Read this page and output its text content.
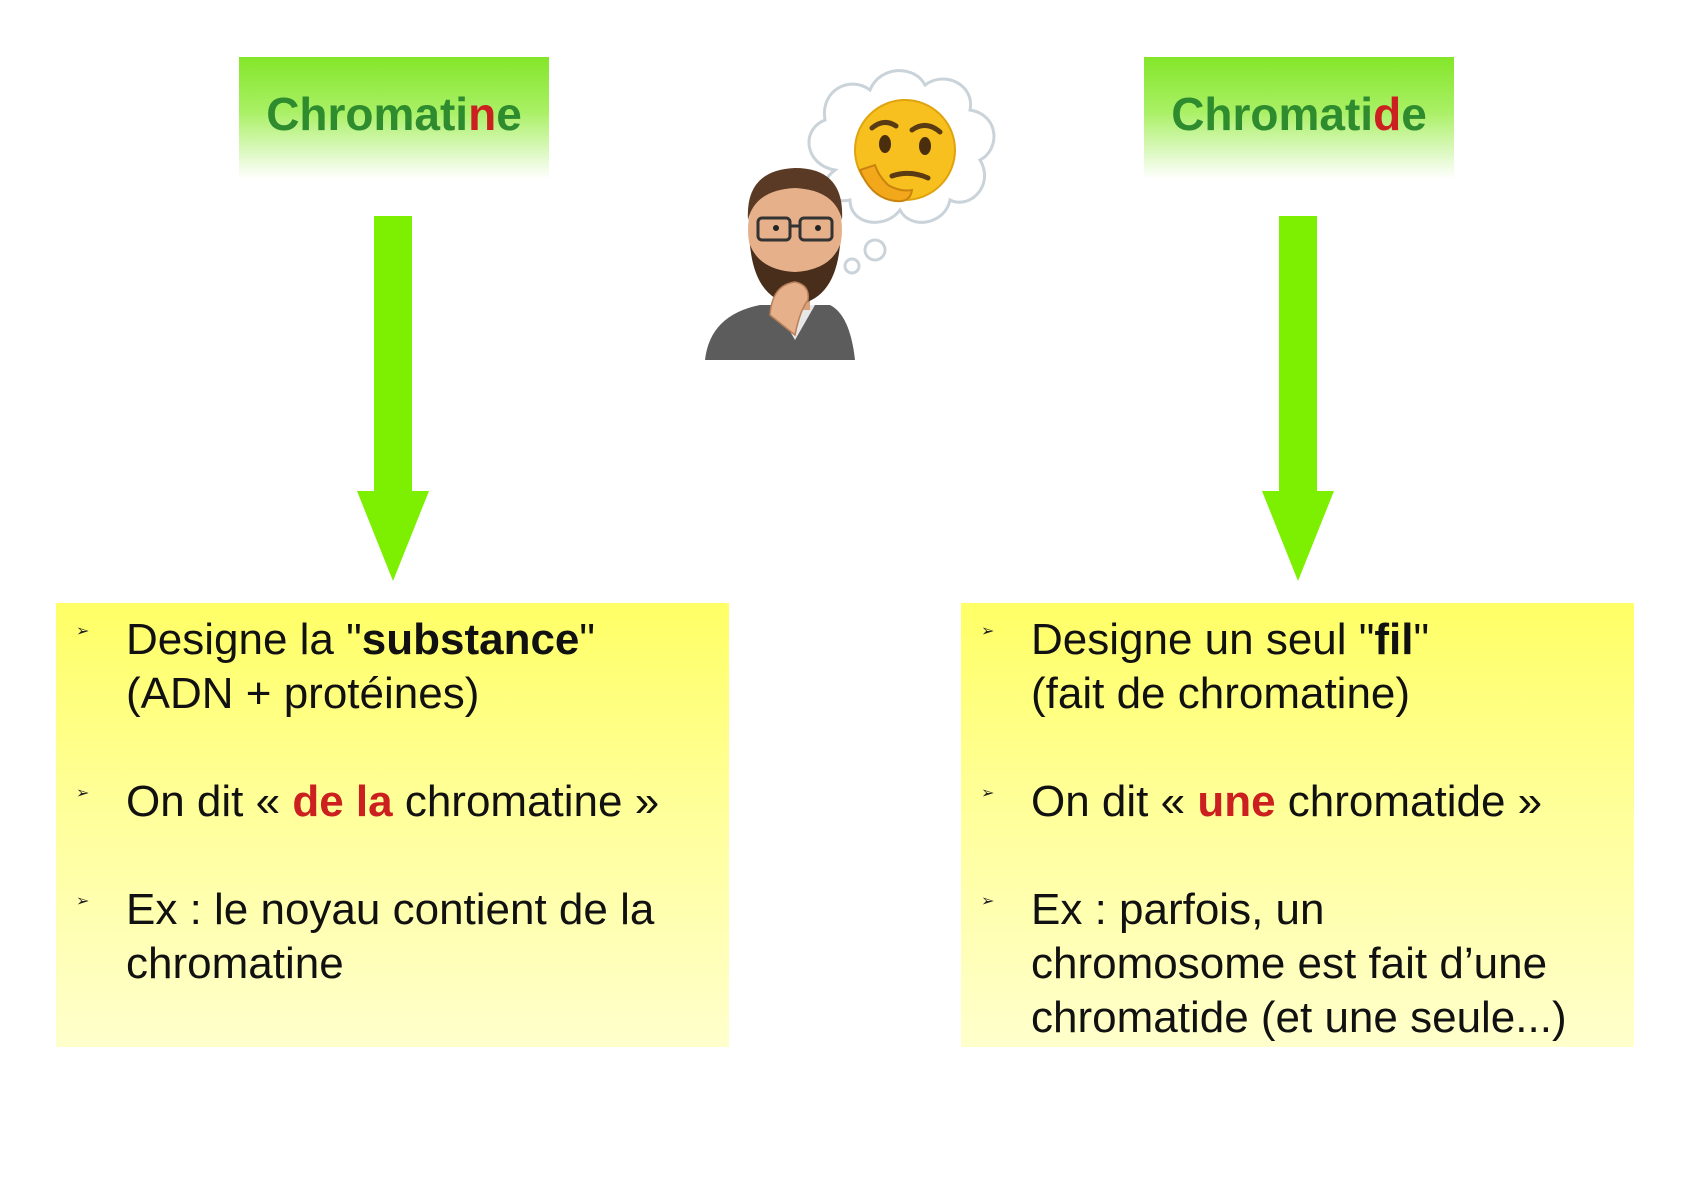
Chromatine	Chromatide
➢ Designe la "substance"
(ADN + protéines)
➢ On dit « de la chromatine »
➢ Ex : le noyau contient de la
chromatine
➢ Designe un seul "fil"
(fait de chromatine)
➢ On dit « une chromatide »
➢ Ex : parfois, un
chromosome est fait d’une
chromatide (et une seule...)
